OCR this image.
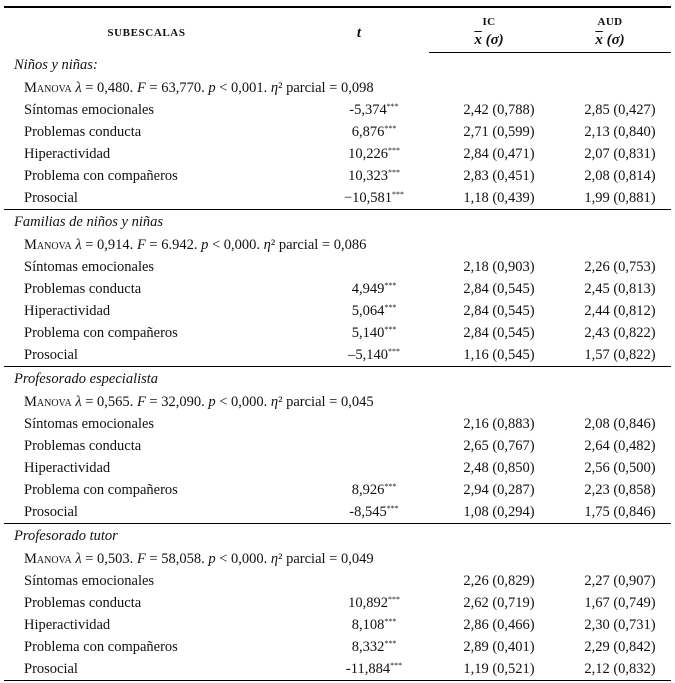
SUBESCALAS	t	IC	AUD
		$\overline{x}$ (σ)	$\overline{x}$ (σ)
Niños y niñas:			
Manova λ = 0,480. F = 63,770. p < 0,001. η² parcial = 0,098			
Síntomas emocionales	-5,374***	2,42 (0,788)	2,85 (0,427)
Problemas conducta	6,876***	2,71 (0,599)	2,13 (0,840)
Hiperactividad	10,226***	2,84 (0,471)	2,07 (0,831)
Problema con compañeros	10,323***	2,83 (0,451)	2,08 (0,814)
Prosocial	−10,581***	1,18 (0,439)	1,99 (0,881)
Familias de niños y niñas			
Manova λ = 0,914. F = 6.942. p < 0,000. η² parcial = 0,086			
Síntomas emocionales		2,18 (0,903)	2,26 (0,753)
Problemas conducta	4,949***	2,84 (0,545)	2,45 (0,813)
Hiperactividad	5,064***	2,84 (0,545)	2,44 (0,812)
Problema con compañeros	5,140***	2,84 (0,545)	2,43 (0,822)
Prosocial	–5,140***	1,16 (0,545)	1,57 (0,822)
Profesorado especialista			
Manova λ = 0,565. F = 32,090. p < 0,000. η² parcial = 0,045			
Síntomas emocionales		2,16 (0,883)	2,08 (0,846)
Problemas conducta		2,65 (0,767)	2,64 (0,482)
Hiperactividad		2,48 (0,850)	2,56 (0,500)
Problema con compañeros	8,926***	2,94 (0,287)	2,23 (0,858)
Prosocial	-8,545***	1,08 (0,294)	1,75 (0,846)
Profesorado tutor			
Manova λ = 0,503. F = 58,058. p < 0,000. η² parcial = 0,049			
Síntomas emocionales		2,26 (0,829)	2,27 (0,907)
Problemas conducta	10,892***	2,62 (0,719)	1,67 (0,749)
Hiperactividad	8,108***	2,86 (0,466)	2,30 (0,731)
Problema con compañeros	8,332***	2,89 (0,401)	2,29 (0,842)
Prosocial	-11,884***	1,19 (0,521)	2,12 (0,832)
